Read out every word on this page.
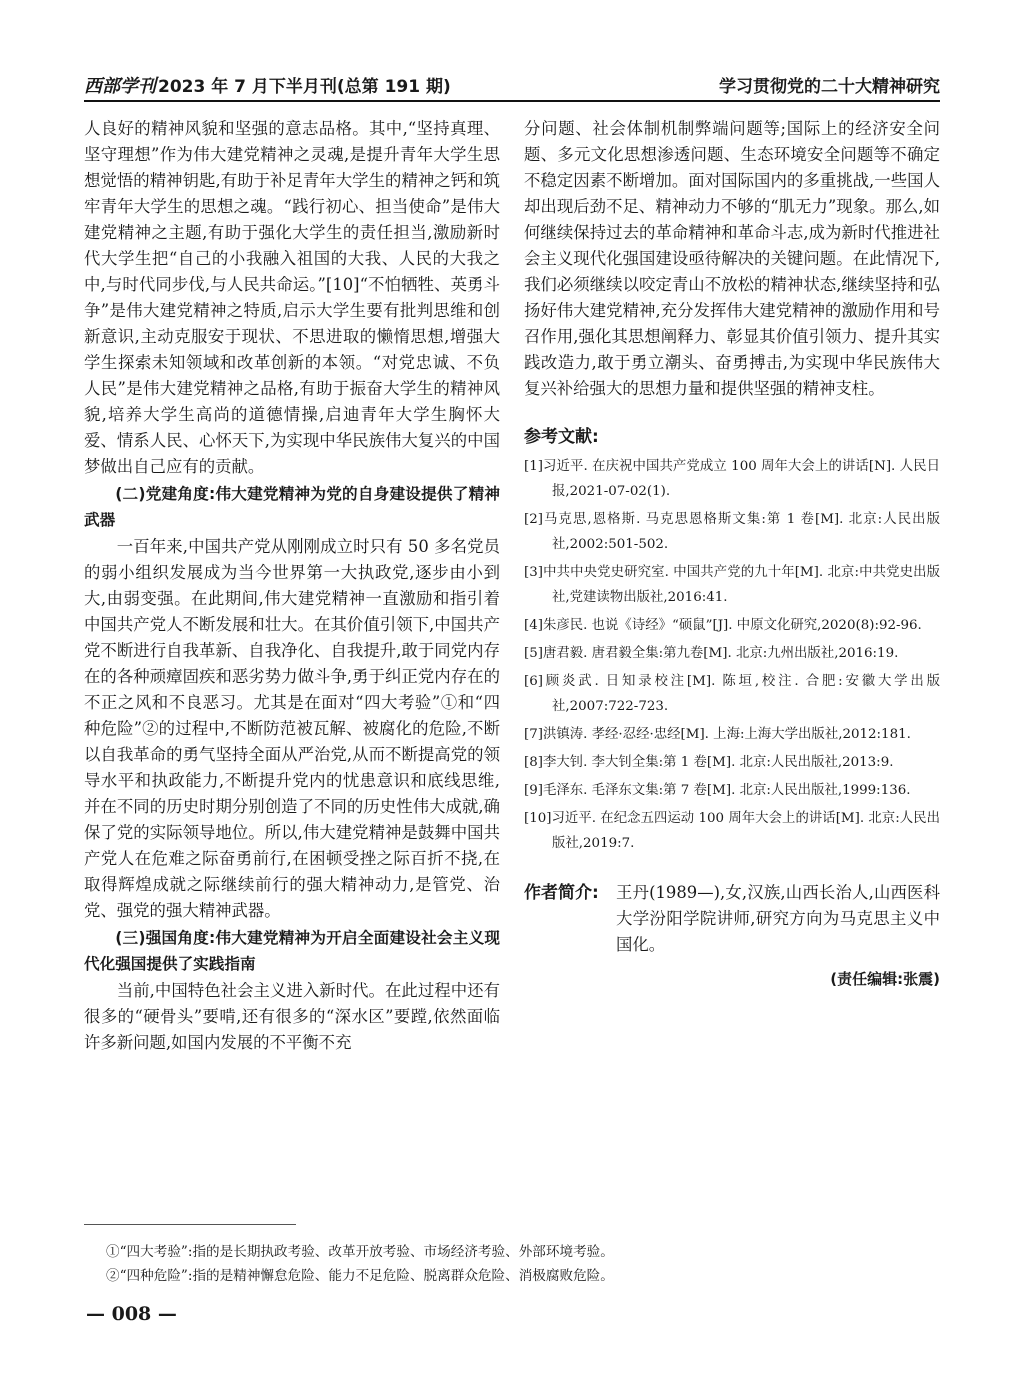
西部学刊 2023 年 7 月下半月刊(总第 191 期)	学习贯彻党的二十大精神研究

人良好的精神风貌和坚强的意志品格。其中,“坚持真理、坚守理想”作为伟大建党精神之灵魂,是提升青年大学生思想觉悟的精神钥匙,有助于补足青年大学生的精神之钙和筑牢青年大学生的思想之魂。“践行初心、担当使命”是伟大建党精神之主题,有助于强化大学生的责任担当,激励新时代大学生把“自己的小我融入祖国的大我、人民的大我之中,与时代同步伐,与人民共命运。”[10]“不怕牺牲、英勇斗争”是伟大建党精神之特质,启示大学生要有批判思维和创新意识,主动克服安于现状、不思进取的懒惰思想,增强大学生探索未知领域和改革创新的本领。“对党忠诚、不负人民”是伟大建党精神之品格,有助于振奋大学生的精神风貌,培养大学生高尚的道德情操,启迪青年大学生胸怀大爱、情系人民、心怀天下,为实现中华民族伟大复兴的中国梦做出自己应有的贡献。

(二)党建角度:伟大建党精神为党的自身建设提供了精神武器

一百年来,中国共产党从刚刚成立时只有 50 多名党员的弱小组织发展成为当今世界第一大执政党,逐步由小到大,由弱变强。在此期间,伟大建党精神一直激励和指引着中国共产党人不断发展和壮大。在其价值引领下,中国共产党不断进行自我革新、自我净化、自我提升,敢于同党内存在的各种顽瘴固疾和恶劣势力做斗争,勇于纠正党内存在的不正之风和不良恶习。尤其是在面对“四大考验”①和“四种危险”②的过程中,不断防范被瓦解、被腐化的危险,不断以自我革命的勇气坚持全面从严治党,从而不断提高党的领导水平和执政能力,不断提升党内的忧患意识和底线思维,并在不同的历史时期分别创造了不同的历史性伟大成就,确保了党的实际领导地位。所以,伟大建党精神是鼓舞中国共产党人在危难之际奋勇前行,在困顿受挫之际百折不挠,在取得辉煌成就之际继续前行的强大精神动力,是管党、治党、强党的强大精神武器。

(三)强国角度:伟大建党精神为开启全面建设社会主义现代化强国提供了实践指南

当前,中国特色社会主义进入新时代。在此过程中还有很多的“硬骨头”要啃,还有很多的“深水区”要蹚,依然面临许多新问题,如国内发展的不平衡不充

分问题、社会体制机制弊端问题等;国际上的经济安全问题、多元文化思想渗透问题、生态环境安全问题等不确定不稳定因素不断增加。面对国际国内的多重挑战,一些国人却出现后劲不足、精神动力不够的“肌无力”现象。那么,如何继续保持过去的革命精神和革命斗志,成为新时代推进社会主义现代化强国建设亟待解决的关键问题。在此情况下,我们必须继续以咬定青山不放松的精神状态,继续坚持和弘扬好伟大建党精神,充分发挥伟大建党精神的激励作用和号召作用,强化其思想阐释力、彰显其价值引领力、提升其实践改造力,敢于勇立潮头、奋勇搏击,为实现中华民族伟大复兴补给强大的思想力量和提供坚强的精神支柱。

参考文献:
[1]习近平. 在庆祝中国共产党成立 100 周年大会上的讲话[N]. 人民日报,2021-07-02(1).
[2]马克思,恩格斯. 马克思恩格斯文集:第 1 卷[M]. 北京:人民出版社,2002:501-502.
[3]中共中央党史研究室. 中国共产党的九十年[M]. 北京:中共党史出版社,党建读物出版社,2016:41.
[4]朱彦民. 也说《诗经》“硕鼠”[J]. 中原文化研究,2020(8):92-96.
[5]唐君毅. 唐君毅全集:第九卷[M]. 北京:九州出版社,2016:19.
[6]顾炎武. 日知录校注[M]. 陈垣,校注. 合肥:安徽大学出版社,2007:722-723.
[7]洪镇涛. 孝经·忍经·忠经[M]. 上海:上海大学出版社,2012:181.
[8]李大钊. 李大钊全集:第 1 卷[M]. 北京:人民出版社,2013:9.
[9]毛泽东. 毛泽东文集:第 7 卷[M]. 北京:人民出版社,1999:136.
[10]习近平. 在纪念五四运动 100 周年大会上的讲话[M]. 北京:人民出版社,2019:7.
作者简介: 王丹(1989—),女,汉族,山西长治人,山西医科大学汾阳学院讲师,研究方向为马克思主义中国化。
(责任编辑:张震)
①“四大考验”:指的是长期执政考验、改革开放考验、市场经济考验、外部环境考验。
②“四种危险”:指的是精神懈怠危险、能力不足危险、脱离群众危险、消极腐败危险。
— 008 —
